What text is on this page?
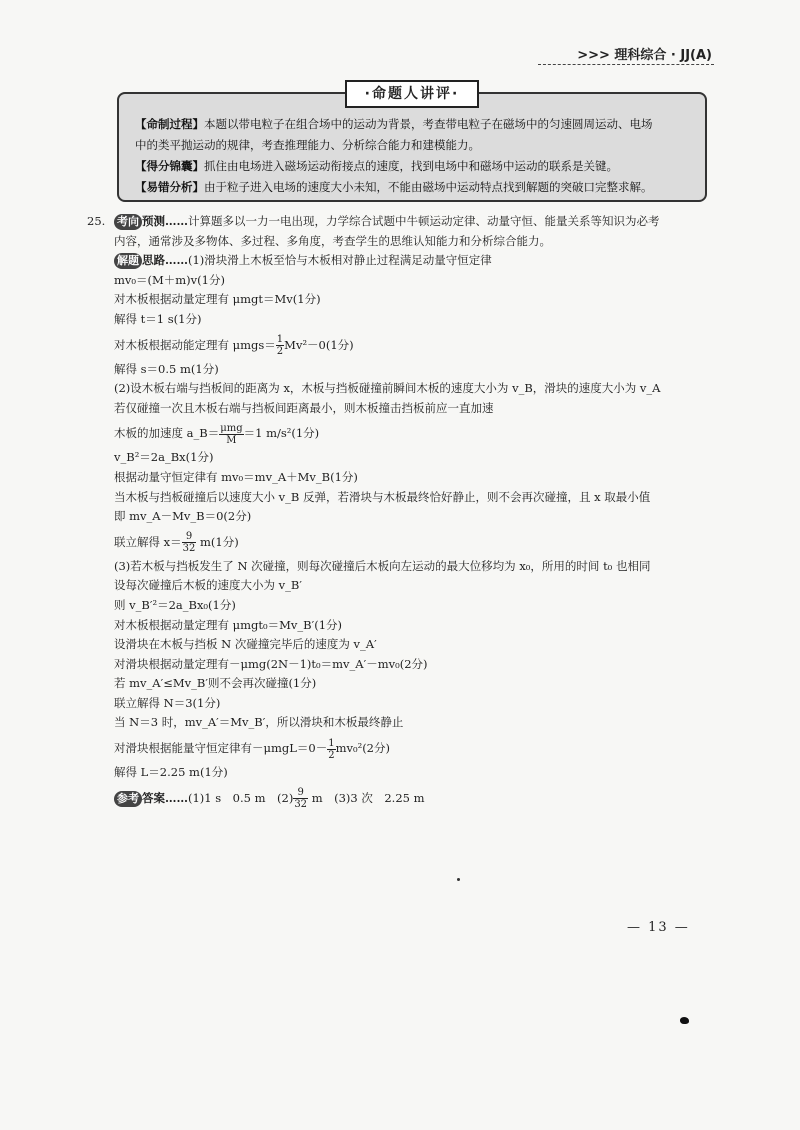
>>> 理科综合 · JJ(A)
·命题人讲评·

【命制过程】本题以带电粒子在组合场中的运动为背景，考查带电粒子在磁场中的匀速圆周运动、电场

中的类平抛运动的规律，考查推理能力、分析综合能力和建模能力。

【得分锦囊】抓住由电场进入磁场运动衔接点的速度，找到电场中和磁场中运动的联系是关键。

【易错分析】由于粒子进入电场的速度大小未知，不能由磁场中运动特点找到解题的突破口完整求解。

25. 考向 预测……计算题多以一力一电出现，力学综合试题中牛顿运动定律、动量守恒、能量关系等知识为必考

内容，通常涉及多物体、多过程、多角度，考查学生的思维认知能力和分析综合能力。

解题 思路……(1)滑块滑上木板至恰与木板相对静止过程满足动量守恒定律

mv₀＝(M＋m)v(1分)

对木板根据动量定理有 μmgt＝Mv(1分)

解得 t＝1 s(1分)

对木板根据动能定理有 $\mu mgs= \frac{1}{2} Mv^2-0(1$分)

解得 s＝0.5 m(1分)

(2)设木板右端与挡板间的距离为 x，木板与挡板碰撞前瞬间木板的速度大小为 v_B，滑块的速度大小为 v_A

若仅碰撞一次且木板右端与挡板间距离最小，则木板撞击挡板前应一直加速

木板的加速度 a_B＝ $\frac{\text{μmg}}{M} =1$ m/s²(1分)

v_B²＝2a_Bx(1分)

根据动量守恒定律有 mv₀＝mv_A＋Mv_B(1分)

当木板与挡板碰撞后以速度大小 v_B 反弹，若滑块与木板最终恰好静止，则不会再次碰撞，且 x 取最小值

即 mv_A－Mv_B＝0(2分)

联立解得 $x= \frac{9}{32} m(1$分)

(3)若木板与挡板发生了 N 次碰撞，则每次碰撞后木板向左运动的最大位移均为 x₀，所用的时间 t₀ 也相同

设每次碰撞后木板的速度大小为 v_B′

则 v_B′²＝2a_Bx₀(1分)

对木板根据动量定理有 μmgt₀＝Mv_B′(1分)

设滑块在木板与挡板 N 次碰撞完毕后的速度为 v_A′

对滑块根据动量定理有－μmg(2N－1)t₀＝mv_A′－mv₀(2分)

若 mv_A′≤Mv_B′则不会再次碰撞(1分)

联立解得 N＝3(1分)

当 N＝3 时，mv_A′＝Mv_B′，所以滑块和木板最终静止

对滑块根据能量守恒定律有$-\mu mgL=0- \frac{1}{2} mv_0^2(2$分)

解得 L＝2.25 m(1分)

参考 答案……(1)1 s　0.5 m　$(2) \frac{9}{32}$ m　(3)3 次　2.25 m

— 13 —
